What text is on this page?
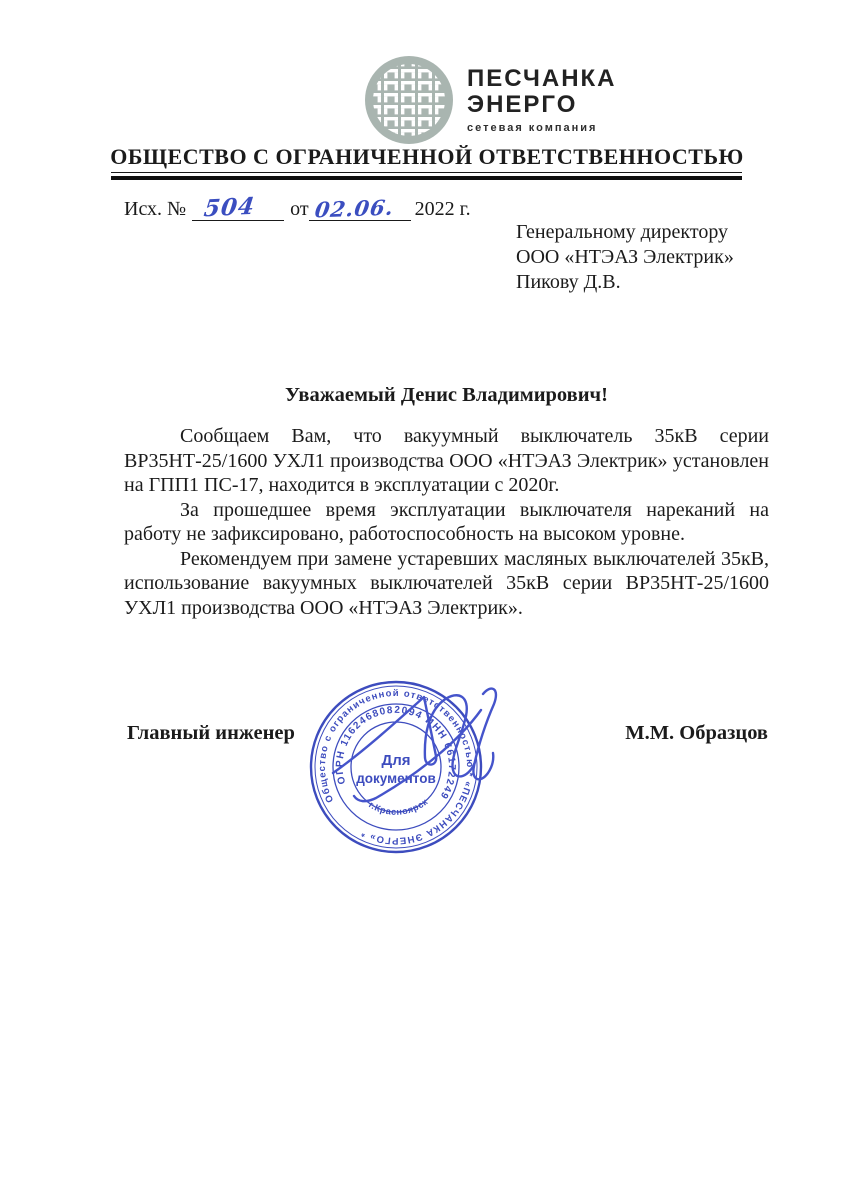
ПЕСЧАНКА
ЭНЕРГО
сетевая компания
ОБЩЕСТВО С ОГРАНИЧЕННОЙ ОТВЕТСТВЕННОСТЬЮ
Исх. № 504 от 02.06. 2022 г.
Генеральному директору
ООО «НТЭАЗ Электрик»
Пикову Д.В.
Уважаемый Денис Владимирович!

Сообщаем Вам, что вакуумный выключатель 35кВ серии ВР35НТ-25/1600 УХЛ1 производства ООО «НТЭАЗ Электрик» установлен на ГПП1 ПС-17, находится в эксплуатации с 2020г.

За прошедшее время эксплуатации выключателя нареканий на работу не зафиксировано, работоспособность на высоком уровне.

Рекомендуем при замене устаревших масляных выключателей 35кВ, использование вакуумных выключателей 35кВ серии ВР35НТ-25/1600 УХЛ1 производства ООО «НТЭАЗ Электрик».

Главный инженер	М.М. Образцов
Общество с ограниченной ответственностью * «ПЕСЧАНКА ЭНЕРГО» *
ОГРН 1162468082094 ИНН 66172249
г.Красноярск
Для
документов
